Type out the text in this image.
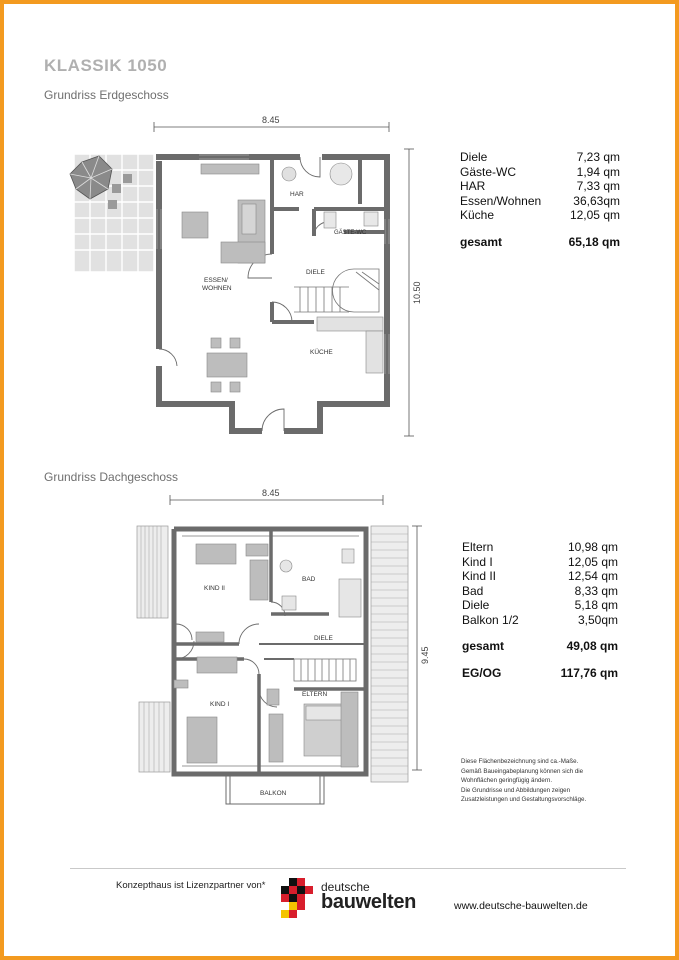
KLASSIK 1050
Grundriss Erdgeschoss
8.45
10.50
HAR
GÄSTE-WC
ESSEN/
WOHNEN
DIELE
KÜCHE
Diele	7,23 qm
Gäste-WC	1,94 qm
HAR	7,33 qm
Essen/Wohnen	36,63qm
Küche	12,05 qm
gesamt	65,18 qm
Grundriss Dachgeschoss
8.45
9.45
KIND II
BAD
DIELE
KIND I
ELTERN
BALKON
Eltern	10,98 qm
Kind I	12,05 qm
Kind II	12,54 qm
Bad	8,33 qm
Diele	5,18 qm
Balkon 1/2	3,50qm
gesamt	49,08 qm
EG/OG	117,76 qm
Diese Flächenbezeichnung sind ca.-Maße.
Gemäß Baueingabeplanung können sich die
Wohnflächen geringfügig ändern.
Die Grundrisse und Abbildungen zeigen
Zusatzleistungen und Gestaltungsvorschläge.
Konzepthaus ist Lizenzpartner von*	deutsche
bauwelten	www.deutsche-bauwelten.de
